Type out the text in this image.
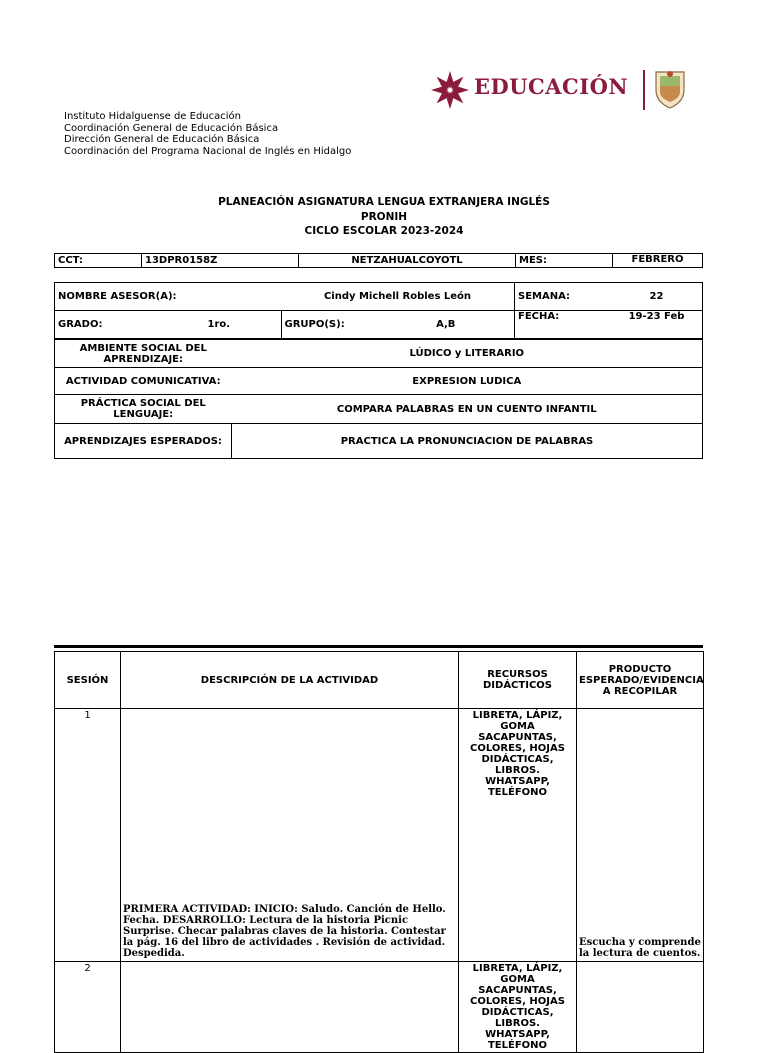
EDUCACIÓN
Instituto Hidalguense de Educación
Coordinación General de Educación Básica
Dirección General de Educación Básica
Coordinación del Programa Nacional de Inglés en Hidalgo
PLANEACIÓN ASIGNATURA LENGUA EXTRANJERA INGLÉS
PRONIH
CICLO ESCOLAR 2023-2024
CCT:	13DPR0158Z	NETZAHUALCOYOTL	MES:	FEBRERO
NOMBRE ASESOR(A):		Cindy Michell Robles León		SEMANA:	22
GRADO:	1ro.	GRUPO(S):	A,B	FECHA:	19-23 Feb
AMBIENTE SOCIAL DEL APRENDIZAJE:	LÚDICO y LITERARIO
ACTIVIDAD COMUNICATIVA:	EXPRESION LUDICA
PRÁCTICA SOCIAL DEL LENGUAJE:	COMPARA PALABRAS EN UN CUENTO INFANTIL
APRENDIZAJES ESPERADOS:	PRACTICA LA PRONUNCIACION DE PALABRAS
SESIÓN	DESCRIPCIÓN DE LA ACTIVIDAD	RECURSOS DIDÁCTICOS	PRODUCTO ESPERADO/EVIDENCIA A RECOPILAR
1	PRIMERA ACTIVIDAD: INICIO: Saludo. Canción de Hello. Fecha. DESARROLLO: Lectura de la historia Picnic Surprise. Checar palabras claves de la historia. Contestar la pág. 16 del libro de actividades . Revisión de actividad. Despedida.	LIBRETA, LÁPIZ, GOMA SACAPUNTAS, COLORES, HOJAS DIDÁCTICAS, LIBROS. WHATSAPP, TELÉFONO	Escucha y comprende la lectura de cuentos.
2		LIBRETA, LÁPIZ, GOMA SACAPUNTAS, COLORES, HOJAS DIDÁCTICAS, LIBROS. WHATSAPP, TELÉFONO	
